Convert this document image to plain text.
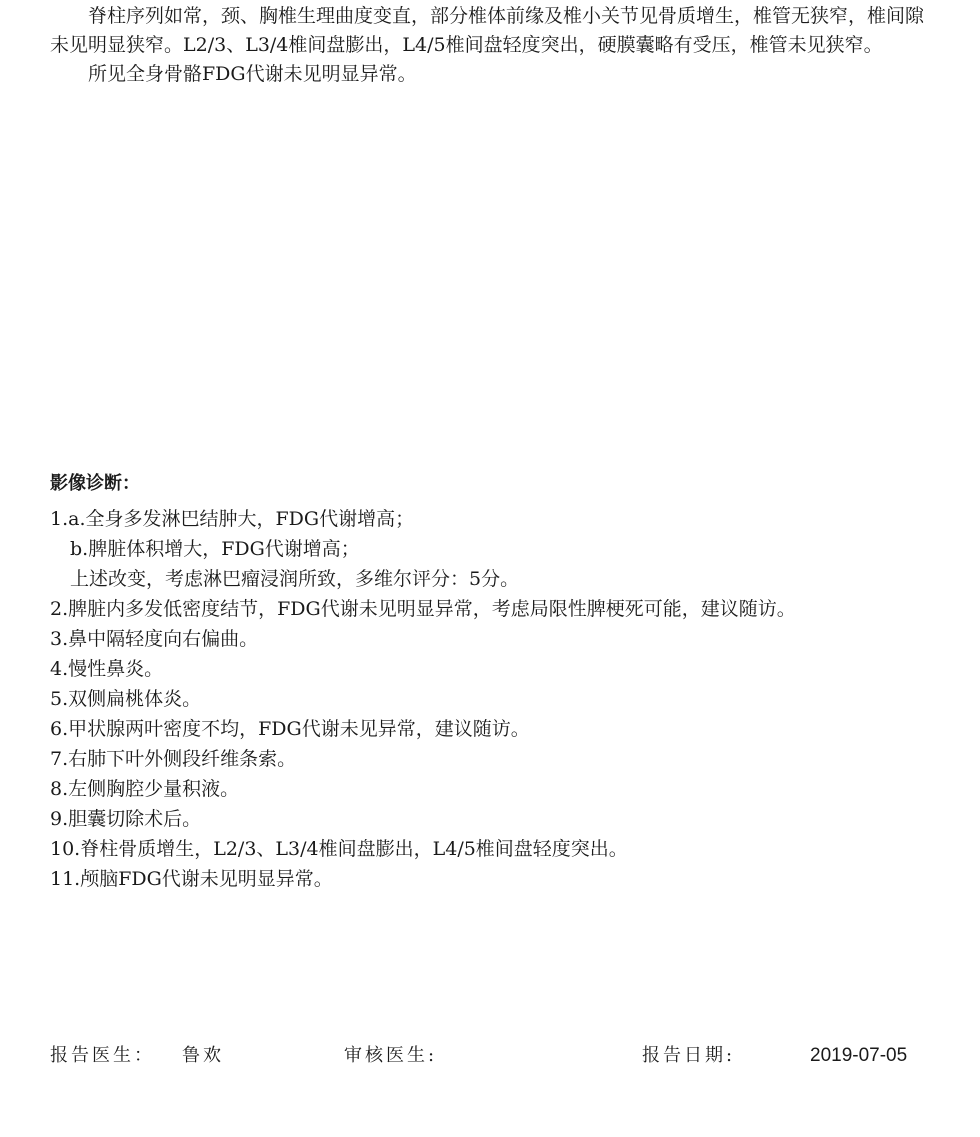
脊柱序列如常，颈、胸椎生理曲度变直，部分椎体前缘及椎小关节见骨质增生，椎管无狭窄，椎间隙未见明显狭窄。L2/3、L3/4椎间盘膨出，L4/5椎间盘轻度突出，硬膜囊略有受压，椎管未见狭窄。

所见全身骨骼FDG代谢未见明显异常。

影像诊断：
1.a.全身多发淋巴结肿大，FDG代谢增高；
b.脾脏体积增大，FDG代谢增高；
上述改变，考虑淋巴瘤浸润所致，多维尔评分：5分。
2.脾脏内多发低密度结节，FDG代谢未见明显异常，考虑局限性脾梗死可能，建议随访。
3.鼻中隔轻度向右偏曲。
4.慢性鼻炎。
5.双侧扁桃体炎。
6.甲状腺两叶密度不均，FDG代谢未见异常，建议随访。
7.右肺下叶外侧段纤维条索。
8.左侧胸腔少量积液。
9.胆囊切除术后。
10.脊柱骨质增生，L2/3、L3/4椎间盘膨出，L4/5椎间盘轻度突出。
11.颅脑FDG代谢未见明显异常。
报告医生： 鲁欢	审核医生:	报告日期:	2019-07-05
